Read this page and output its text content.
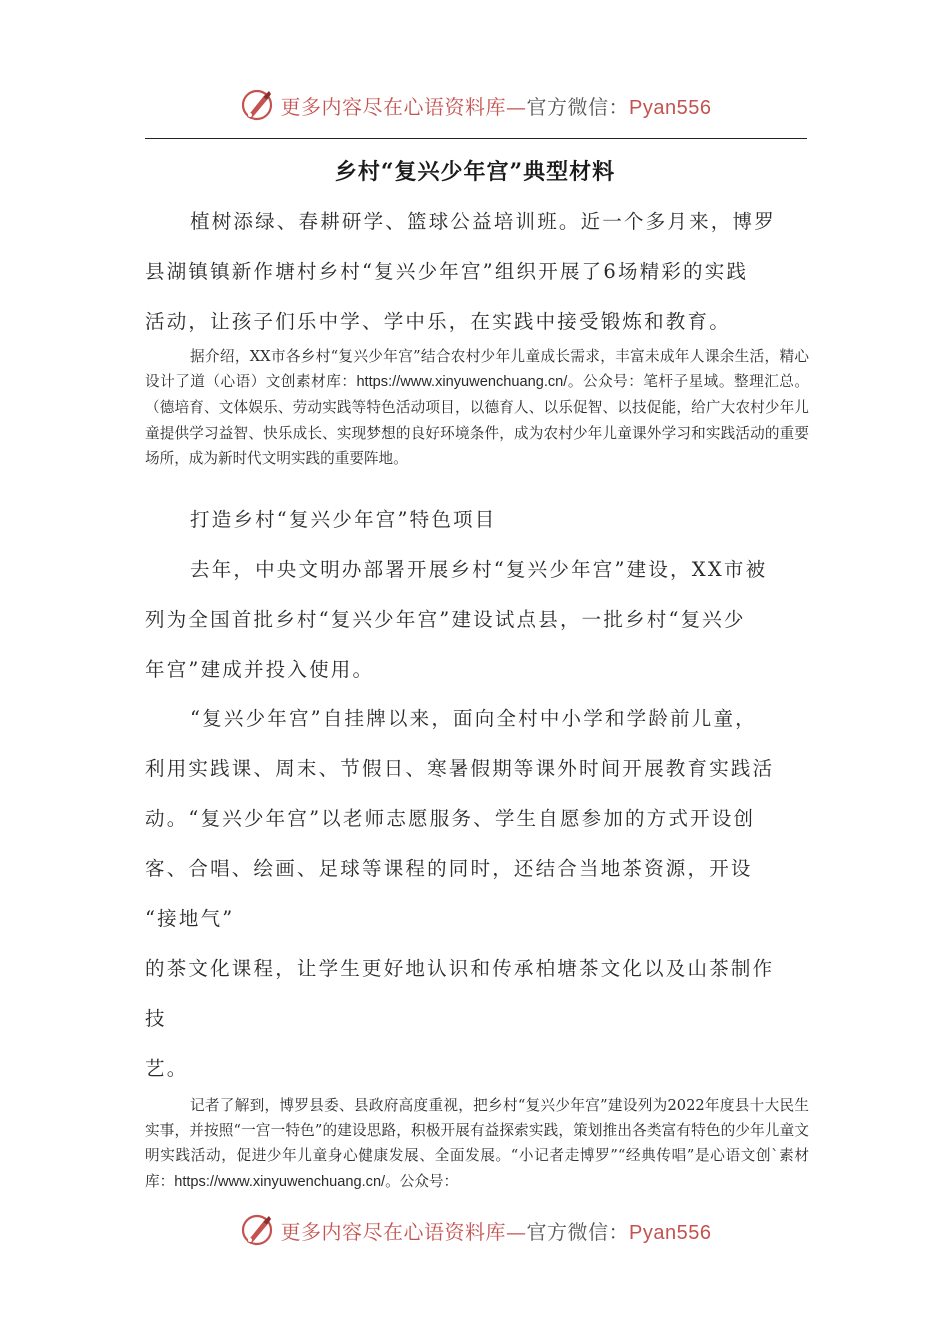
更多内容尽在心语资料库—官方微信：Pyan556
乡村“复兴少年宫”典型材料
植树添绿、春耕研学、篮球公益培训班。近一个多月来，博罗
县湖镇镇新作塘村乡村“复兴少年宫”组织开展了6场精彩的实践
活动，让孩子们乐中学、学中乐，在实践中接受锻炼和教育。

据介绍，XX市各乡村“复兴少年宫”结合农村少年儿童成长需求，丰富未成年人课余生活，精心设计了道（心语）文创素材库：https://www.xinyuwenchuang.cn/。公众号：笔杆子星域。整理汇总。（德培育、文体娱乐、劳动实践等特色活动项目，以德育人、以乐促智、以技促能，给广大农村少年儿童提供学习益智、快乐成长、实现梦想的良好环境条件，成为农村少年儿童课外学习和实践活动的重要场所，成为新时代文明实践的重要阵地。

打造乡村“复兴少年宫”特色项目
去年，中央文明办部署开展乡村“复兴少年宫”建设，XX市被
列为全国首批乡村“复兴少年宫”建设试点县，一批乡村“复兴少
年宫”建成并投入使用。
“复兴少年宫”自挂牌以来，面向全村中小学和学龄前儿童，
利用实践课、周末、节假日、寒暑假期等课外时间开展教育实践活
动。“复兴少年宫”以老师志愿服务、学生自愿参加的方式开设创
客、合唱、绘画、足球等课程的同时，还结合当地茶资源，开设
“接地气”
的茶文化课程，让学生更好地认识和传承柏塘茶文化以及山茶制作
技
艺。

记者了解到，博罗县委、县政府高度重视，把乡村“复兴少年宫”建设列为2022年度县十大民生实事，并按照“一宫一特色”的建设思路，积极开展有益探索实践，策划推出各类富有特色的少年儿童文明实践活动，促进少年儿童身心健康发展、全面发展。“小记者走博罗”“经典传唱”是心语文创`素材库：https://www.xinyuwenchuang.cn/。公众号：

更多内容尽在心语资料库—官方微信：Pyan556
